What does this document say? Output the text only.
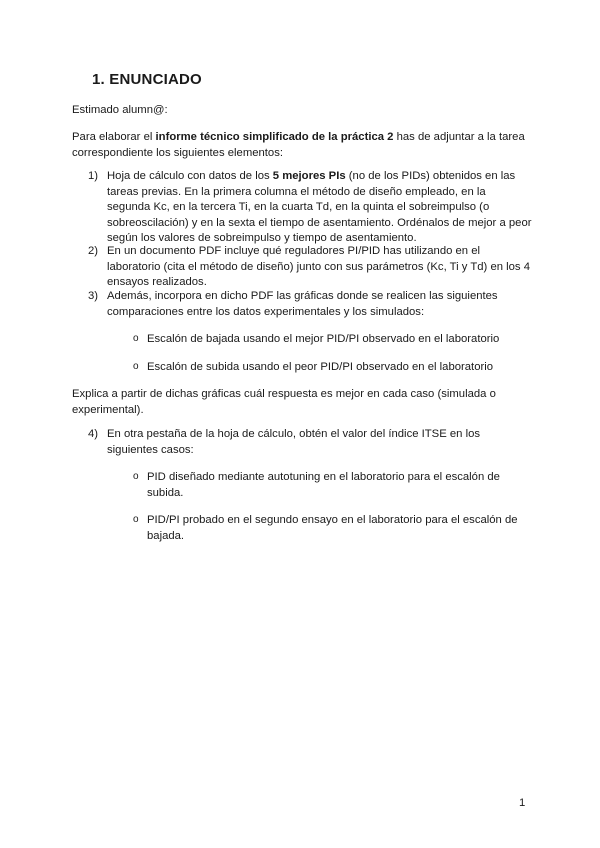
1. ENUNCIADO
Estimado alumn@:
Para elaborar el informe técnico simplificado de la práctica 2 has de adjuntar a la tarea correspondiente los siguientes elementos:
1) Hoja de cálculo con datos de los 5 mejores PIs (no de los PIDs) obtenidos en las tareas previas. En la primera columna el método de diseño empleado, en la segunda Kc, en la tercera Ti, en la cuarta Td, en la quinta el sobreimpulso (o sobreoscilación) y en la sexta el tiempo de asentamiento. Ordénalos de mejor a peor según los valores de sobreimpulso y tiempo de asentamiento.
2) En un documento PDF incluye qué reguladores PI/PID has utilizando en el laboratorio (cita el método de diseño) junto con sus parámetros (Kc, Ti y Td) en los 4 ensayos realizados.
3) Además, incorpora en dicho PDF las gráficas donde se realicen las siguientes comparaciones entre los datos experimentales y los simulados:
o Escalón de bajada usando el mejor PID/PI observado en el laboratorio
o Escalón de subida usando el peor PID/PI observado en el laboratorio
Explica a partir de dichas gráficas cuál respuesta es mejor en cada caso (simulada o experimental).
4) En otra pestaña de la hoja de cálculo, obtén el valor del índice ITSE en los siguientes casos:
o PID diseñado mediante autotuning en el laboratorio para el escalón de subida.
o PID/PI probado en el segundo ensayo en el laboratorio para el escalón de bajada.
1
